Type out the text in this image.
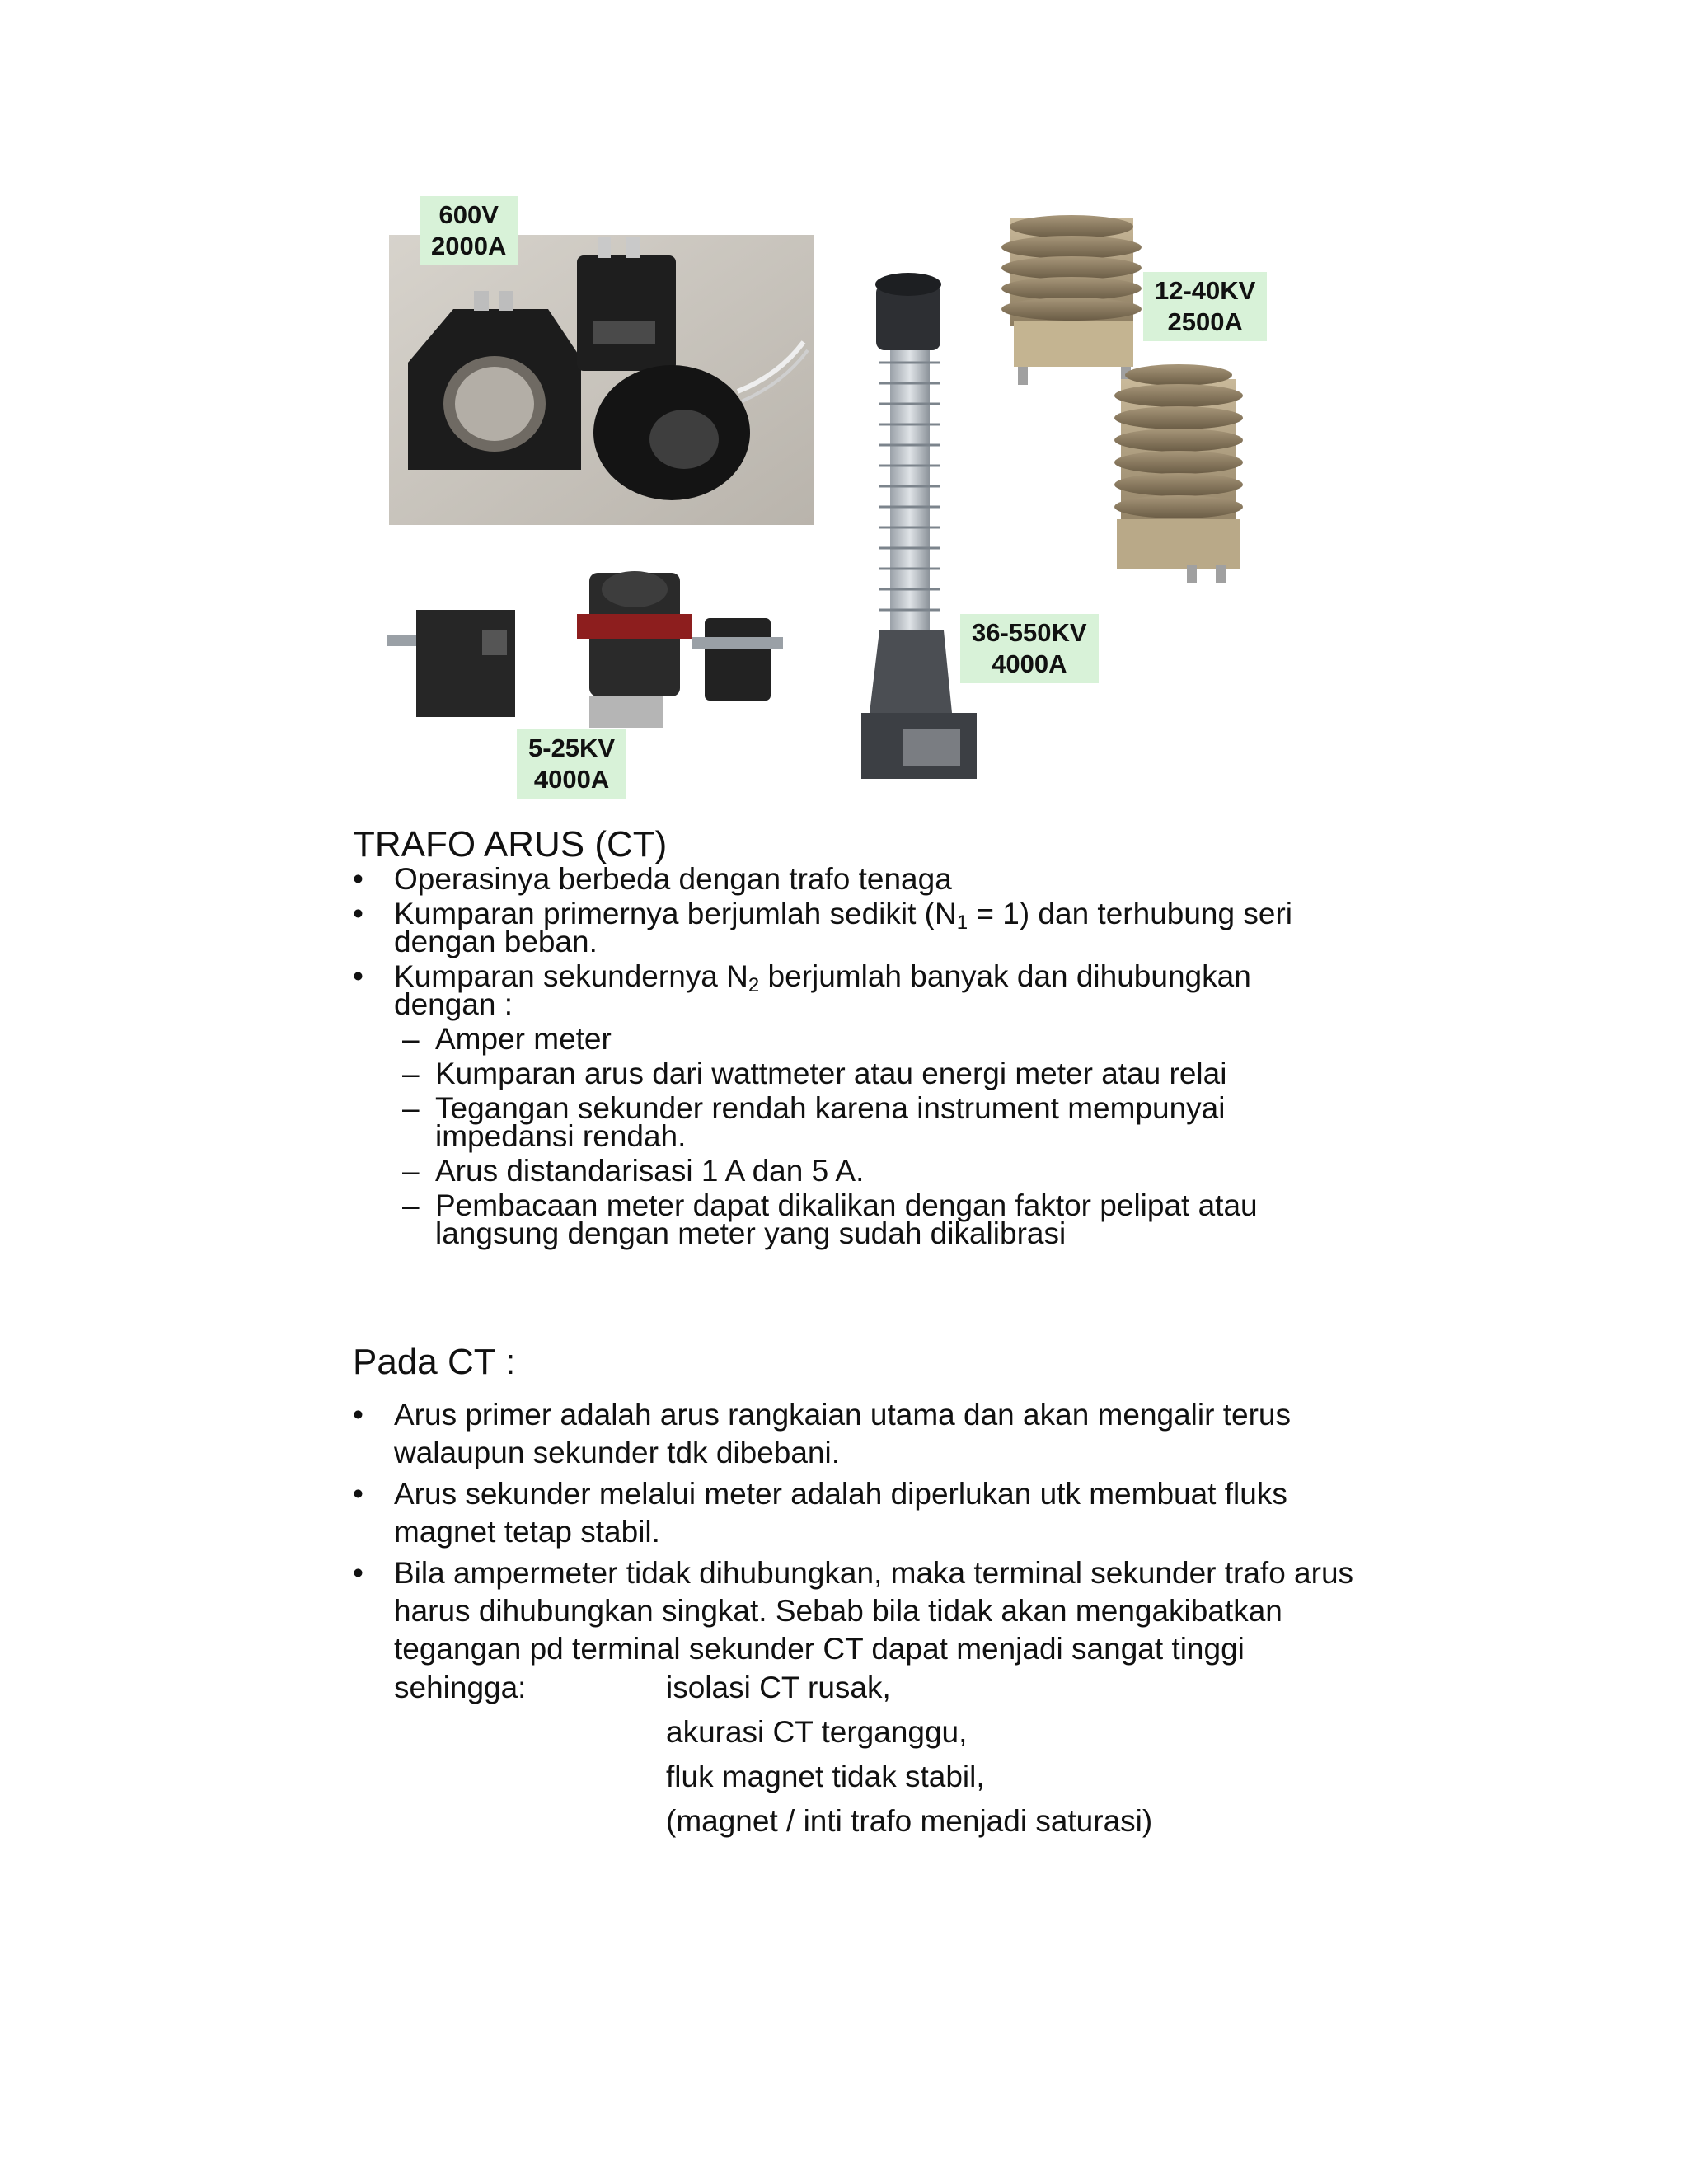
600V
2000A
12-40KV
2500A
36-550KV
4000A
5-25KV
4000A
TRAFO ARUS (CT)
• Operasinya berbeda dengan trafo tenaga
• Kumparan primernya berjumlah sedikit $(N_1 = 1)$ dan terhubung seri dengan beban.
• Kumparan sekundernya $N_2$ berjumlah banyak dan dihubungkan dengan :
– Amper meter
– Kumparan arus dari wattmeter atau energi meter atau relai
– Tegangan sekunder rendah karena instrument mempunyai impedansi rendah.
– Arus distandarisasi 1 A dan 5 A.
– Pembacaan meter dapat dikalikan dengan faktor pelipat atau langsung dengan meter yang sudah dikalibrasi
Pada CT :
• Arus primer adalah arus rangkaian utama dan akan mengalir terus walaupun sekunder tdk dibebani.
• Arus sekunder melalui meter adalah diperlukan utk membuat fluks magnet tetap stabil.
• Bila ampermeter tidak dihubungkan, maka terminal sekunder trafo arus harus dihubungkan singkat. Sebab bila tidak akan mengakibatkan tegangan pd terminal sekunder CT dapat menjadi sangat tinggi
sehingga:	isolasi CT rusak,
akurasi CT terganggu,
fluk magnet tidak stabil,
(magnet / inti trafo menjadi saturasi)
